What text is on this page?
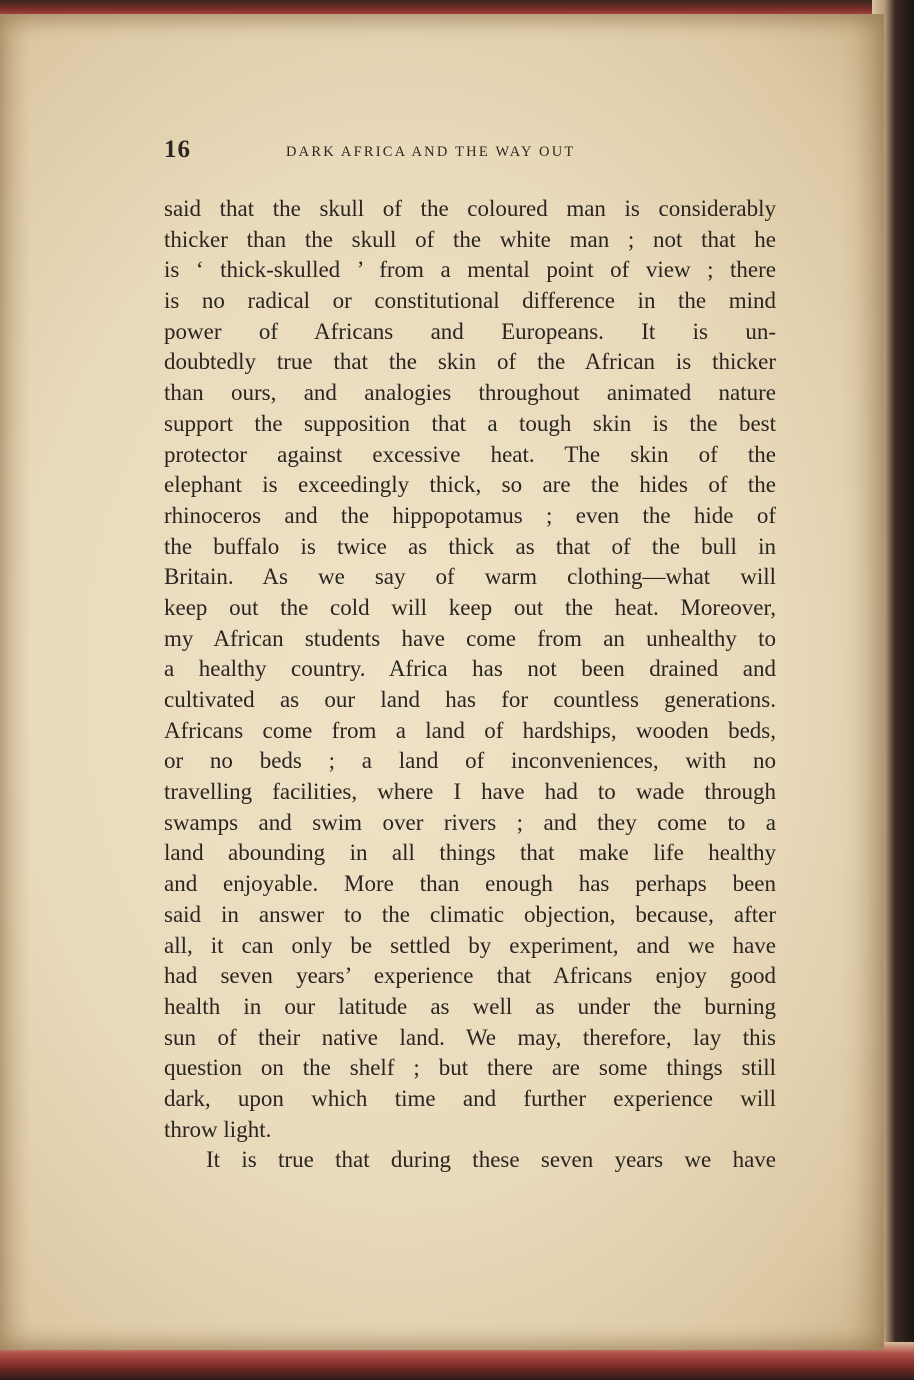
16	DARK AFRICA AND THE WAY OUT
said that the skull of the coloured man is considerably
thicker than the skull of the white man ; not that he
is ‘ thick-skulled ’ from a mental point of view ; there
is no radical or constitutional difference in the mind
power of Africans and Europeans. It is un-
doubtedly true that the skin of the African is thicker
than ours, and analogies throughout animated nature
support the supposition that a tough skin is the best
protector against excessive heat. The skin of the
elephant is exceedingly thick, so are the hides of the
rhinoceros and the hippopotamus ; even the hide of
the buffalo is twice as thick as that of the bull in
Britain. As we say of warm clothing—what will
keep out the cold will keep out the heat. Moreover,
my African students have come from an unhealthy to
a healthy country. Africa has not been drained and
cultivated as our land has for countless generations.
Africans come from a land of hardships, wooden beds,
or no beds ; a land of inconveniences, with no
travelling facilities, where I have had to wade through
swamps and swim over rivers ; and they come to a
land abounding in all things that make life healthy
and enjoyable. More than enough has perhaps been
said in answer to the climatic objection, because, after
all, it can only be settled by experiment, and we have
had seven years’ experience that Africans enjoy good
health in our latitude as well as under the burning
sun of their native land. We may, therefore, lay this
question on the shelf ; but there are some things still
dark, upon which time and further experience will
throw light.
It is true that during these seven years we have
